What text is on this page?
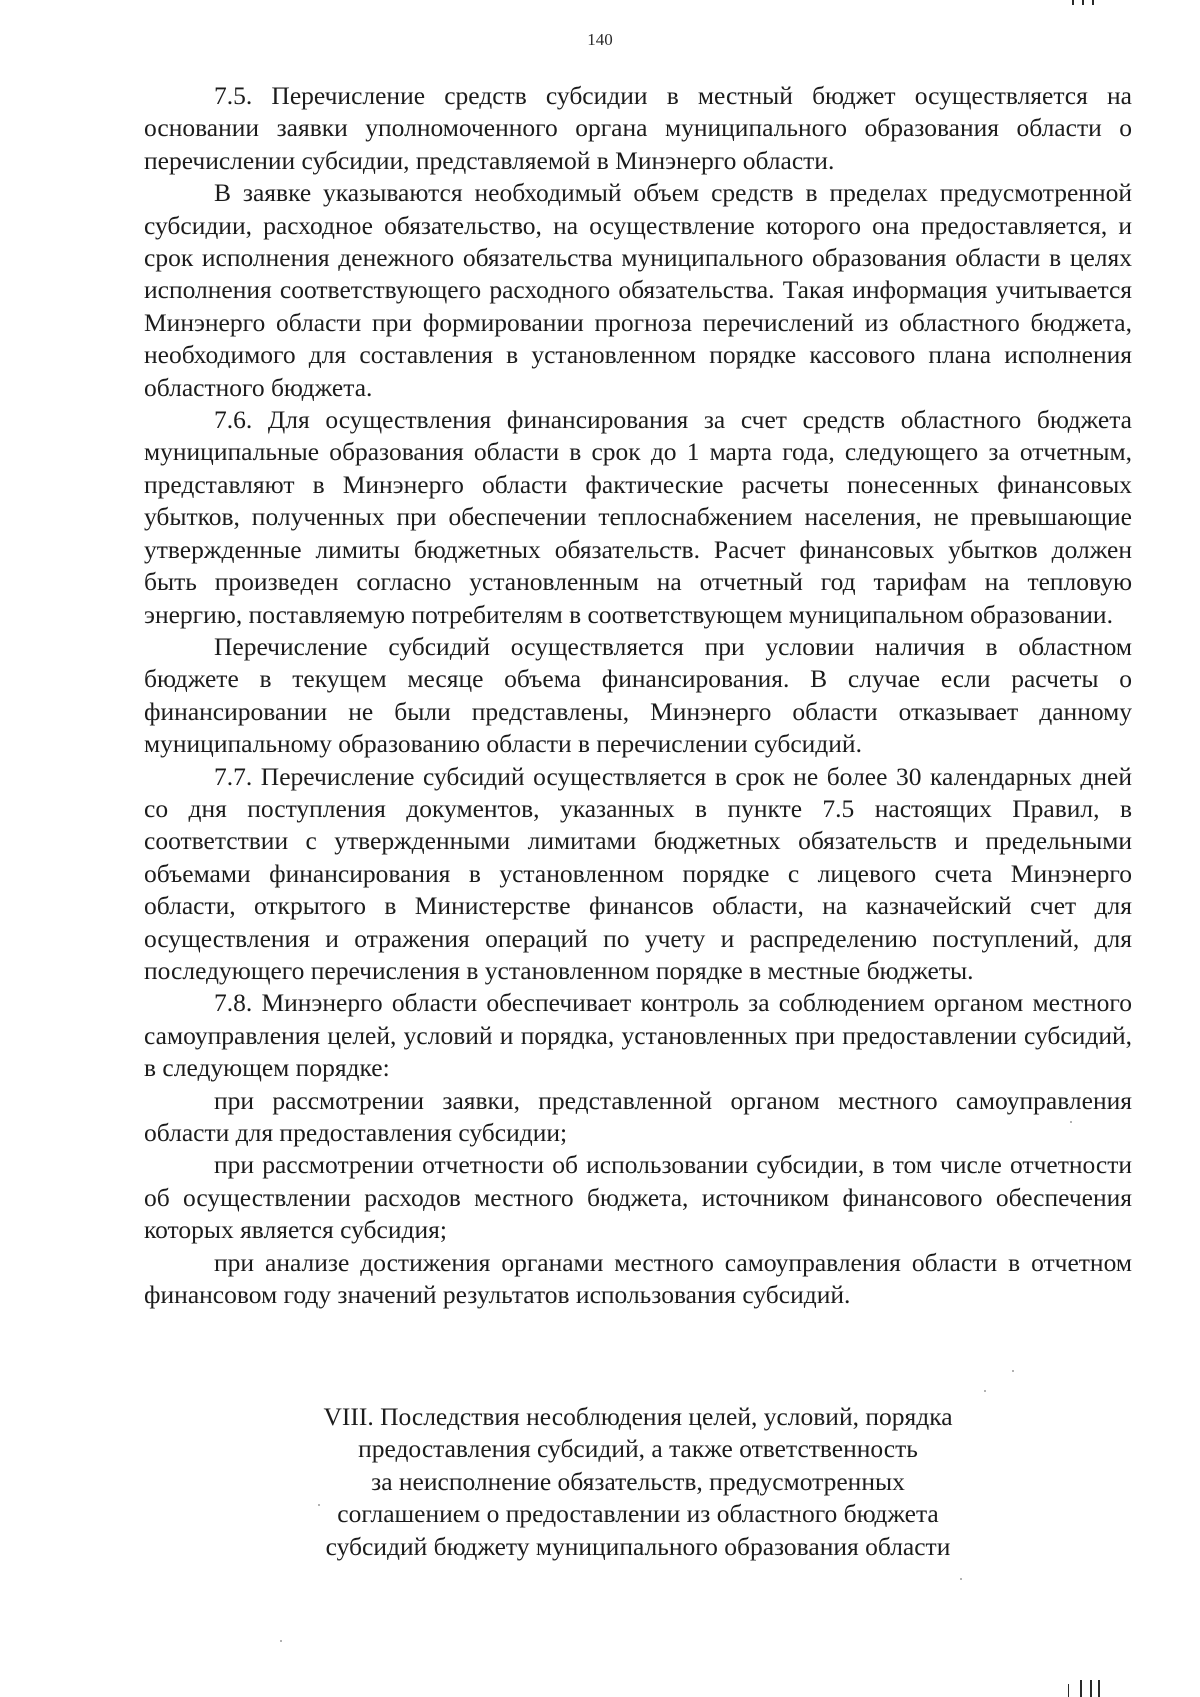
140

7.5. Перечисление средств субсидии в местный бюджет осуществляется на основании заявки уполномоченного органа муниципального образования области о перечислении субсидии, представляемой в Минэнерго области.

В заявке указываются необходимый объем средств в пределах предусмотренной субсидии, расходное обязательство, на осуществление которого она предоставляется, и срок исполнения денежного обязательства муниципального образования области в целях исполнения соответствующего расходного обязательства. Такая информация учитывается Минэнерго области при формировании прогноза перечислений из областного бюджета, необходимого для составления в установленном порядке кассового плана исполнения областного бюджета.

7.6. Для осуществления финансирования за счет средств областного бюджета муниципальные образования области в срок до 1 марта года, следующего за отчетным, представляют в Минэнерго области фактические расчеты понесенных финансовых убытков, полученных при обеспечении теплоснабжением населения, не превышающие утвержденные лимиты бюджетных обязательств. Расчет финансовых убытков должен быть произведен согласно установленным на отчетный год тарифам на тепловую энергию, поставляемую потребителям в соответствующем муниципальном образовании.

Перечисление субсидий осуществляется при условии наличия в областном бюджете в текущем месяце объема финансирования. В случае если расчеты о финансировании не были представлены, Минэнерго области отказывает данному муниципальному образованию области в перечислении субсидий.

7.7. Перечисление субсидий осуществляется в срок не более 30 календарных дней со дня поступления документов, указанных в пункте 7.5 настоящих Правил, в соответствии с утвержденными лимитами бюджетных обязательств и предельными объемами финансирования в установленном порядке с лицевого счета Минэнерго области, открытого в Министерстве финансов области, на казначейский счет для осуществления и отражения операций по учету и распределению поступлений, для последующего перечисления в установленном порядке в местные бюджеты.

7.8. Минэнерго области обеспечивает контроль за соблюдением органом местного самоуправления целей, условий и порядка, установленных при предоставлении субсидий, в следующем порядке:

при рассмотрении заявки, представленной органом местного самоуправления области для предоставления субсидии;

при рассмотрении отчетности об использовании субсидии, в том числе отчетности об осуществлении расходов местного бюджета, источником финансового обеспечения которых является субсидия;

при анализе достижения органами местного самоуправления области в отчетном финансовом году значений результатов использования субсидий.

VIII. Последствия несоблюдения целей, условий, порядка
предоставления субсидий, а также ответственность
за неисполнение обязательств, предусмотренных
соглашением о предоставлении из областного бюджета
субсидий бюджету муниципального образования области
